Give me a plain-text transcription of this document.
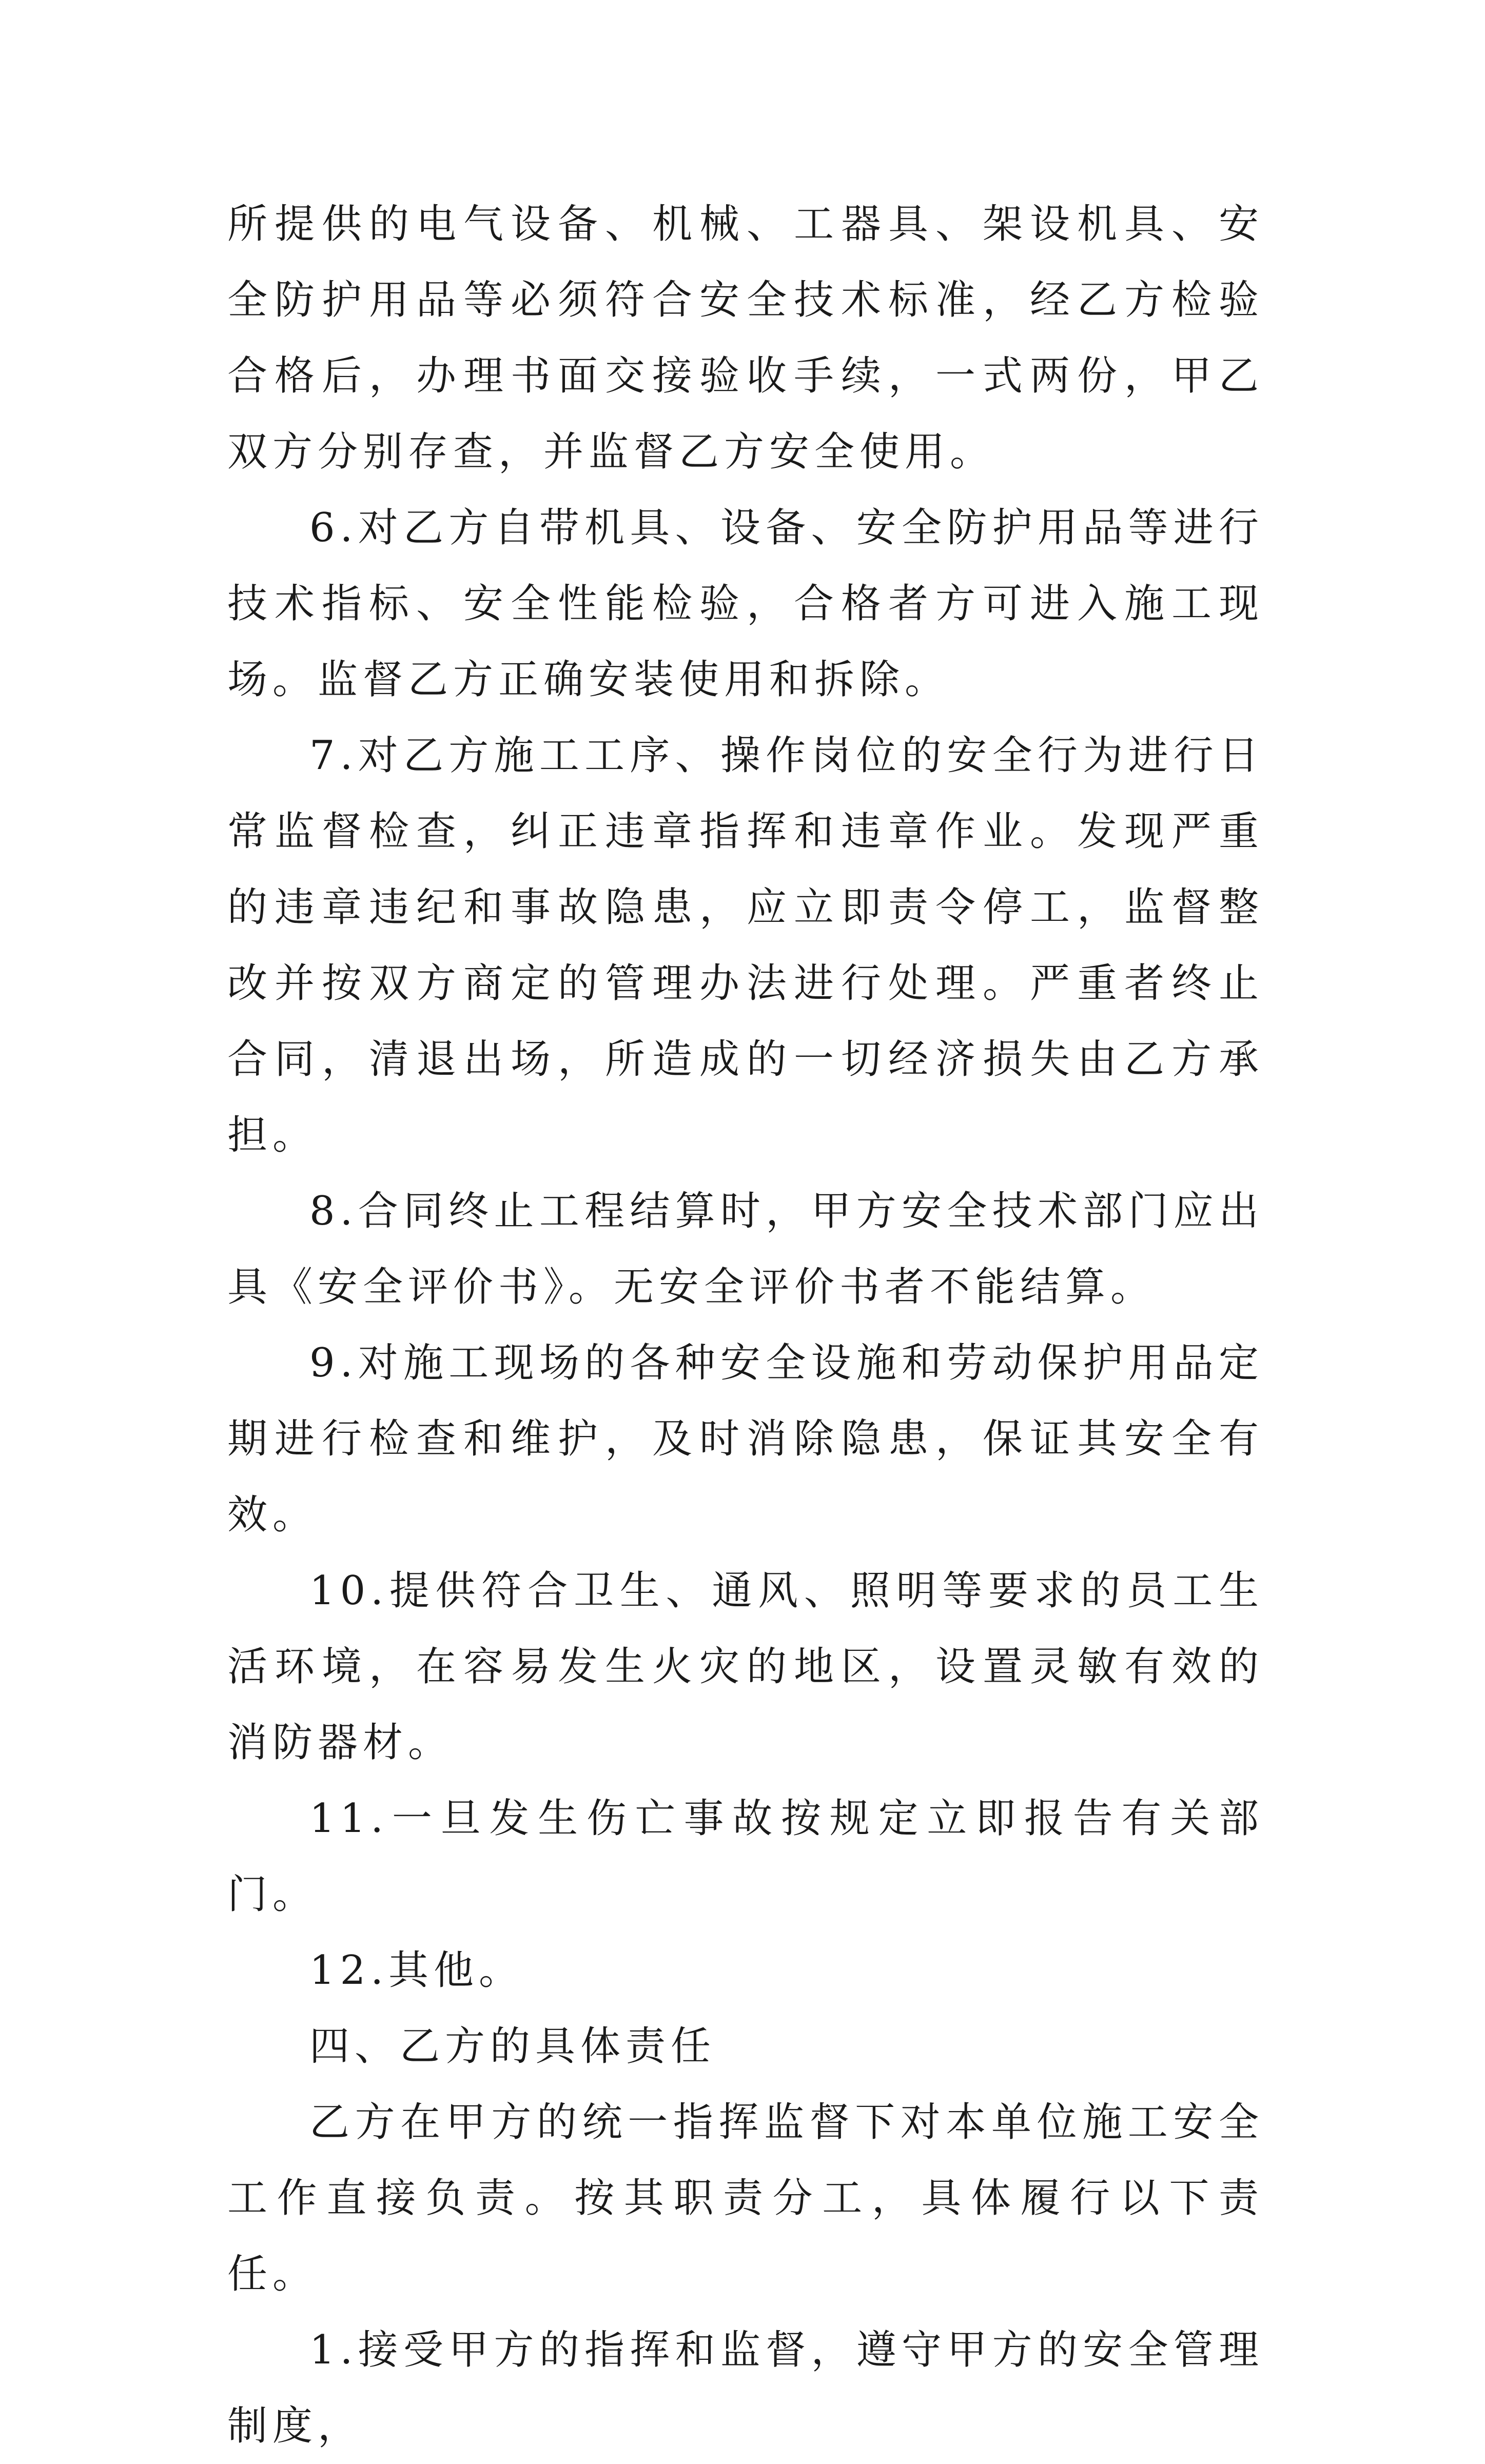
所提供的电气设备、机械、工器具、架设机具、安全防护用品等必须符合安全技术标准，经乙方检验合格后，办理书面交接验收手续，一式两份，甲乙双方分别存查，并监督乙方安全使用。

6.对乙方自带机具、设备、安全防护用品等进行技术指标、安全性能检验，合格者方可进入施工现场。监督乙方正确安装使用和拆除。

7.对乙方施工工序、操作岗位的安全行为进行日常监督检查，纠正违章指挥和违章作业。发现严重的违章违纪和事故隐患，应立即责令停工，监督整改并按双方商定的管理办法进行处理。严重者终止合同，清退出场，所造成的一切经济损失由乙方承担。

8.合同终止工程结算时，甲方安全技术部门应出具《安全评价书》。无安全评价书者不能结算。

9.对施工现场的各种安全设施和劳动保护用品定期进行检查和维护，及时消除隐患，保证其安全有效。

10.提供符合卫生、通风、照明等要求的员工生活环境，在容易发生火灾的地区，设置灵敏有效的消防器材。

11.一旦发生伤亡事故按规定立即报告有关部门。

12.其他。

四、乙方的具体责任

乙方在甲方的统一指挥监督下对本单位施工安全工作直接负责。按其职责分工，具体履行以下责任。

1.接受甲方的指挥和监督，遵守甲方的安全管理制度，
